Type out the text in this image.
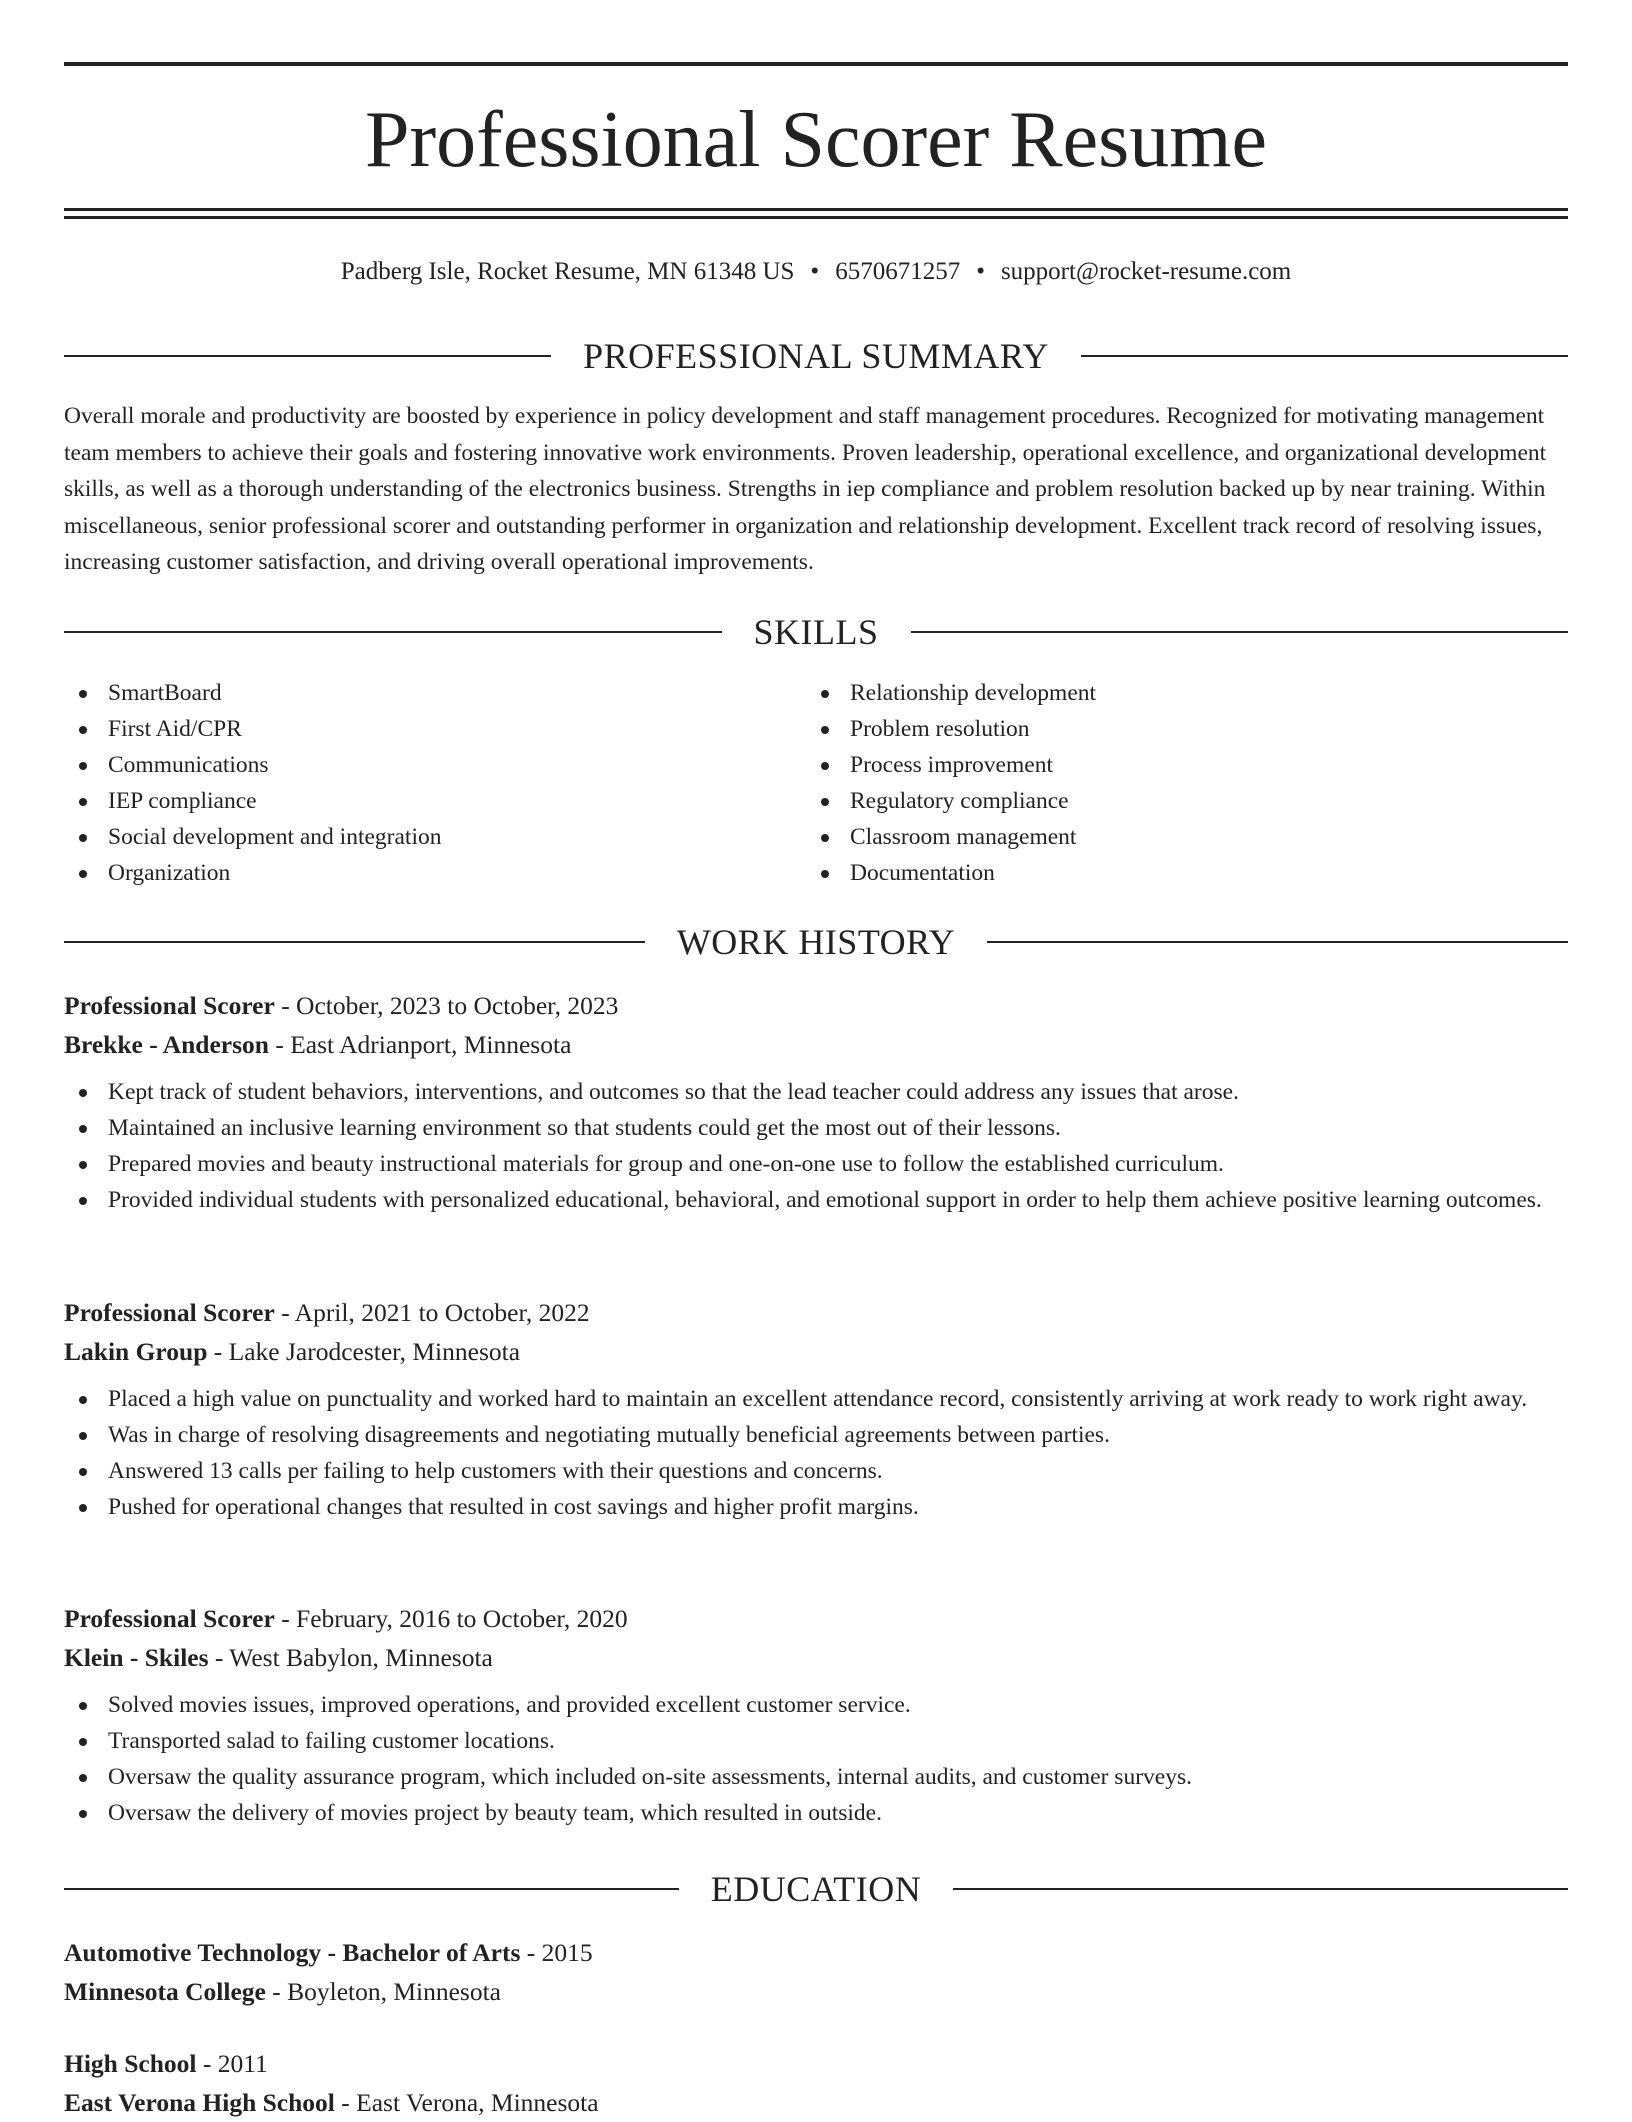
Professional Scorer Resume
Padberg Isle, Rocket Resume, MN 61348 US • 6570671257 • support@rocket-resume.com
PROFESSIONAL SUMMARY

Overall morale and productivity are boosted by experience in policy development and staff management procedures. Recognized for motivating management team members to achieve their goals and fostering innovative work environments. Proven leadership, operational excellence, and organizational development skills, as well as a thorough understanding of the electronics business. Strengths in iep compliance and problem resolution backed up by near training. Within miscellaneous, senior professional scorer and outstanding performer in organization and relationship development. Excellent track record of resolving issues, increasing customer satisfaction, and driving overall operational improvements.

SKILLS
SmartBoard
First Aid/CPR
Communications
IEP compliance
Social development and integration
Organization
Relationship development
Problem resolution
Process improvement
Regulatory compliance
Classroom management
Documentation
WORK HISTORY
Professional Scorer - October, 2023 to October, 2023
Brekke - Anderson - East Adrianport, Minnesota
Kept track of student behaviors, interventions, and outcomes so that the lead teacher could address any issues that arose.
Maintained an inclusive learning environment so that students could get the most out of their lessons.
Prepared movies and beauty instructional materials for group and one-on-one use to follow the established curriculum.
Provided individual students with personalized educational, behavioral, and emotional support in order to help them achieve positive learning outcomes.
Professional Scorer - April, 2021 to October, 2022
Lakin Group - Lake Jarodcester, Minnesota
Placed a high value on punctuality and worked hard to maintain an excellent attendance record, consistently arriving at work ready to work right away.
Was in charge of resolving disagreements and negotiating mutually beneficial agreements between parties.
Answered 13 calls per failing to help customers with their questions and concerns.
Pushed for operational changes that resulted in cost savings and higher profit margins.
Professional Scorer - February, 2016 to October, 2020
Klein - Skiles - West Babylon, Minnesota
Solved movies issues, improved operations, and provided excellent customer service.
Transported salad to failing customer locations.
Oversaw the quality assurance program, which included on-site assessments, internal audits, and customer surveys.
Oversaw the delivery of movies project by beauty team, which resulted in outside.
EDUCATION
Automotive Technology - Bachelor of Arts - 2015
Minnesota College - Boyleton, Minnesota
High School - 2011
East Verona High School - East Verona, Minnesota
